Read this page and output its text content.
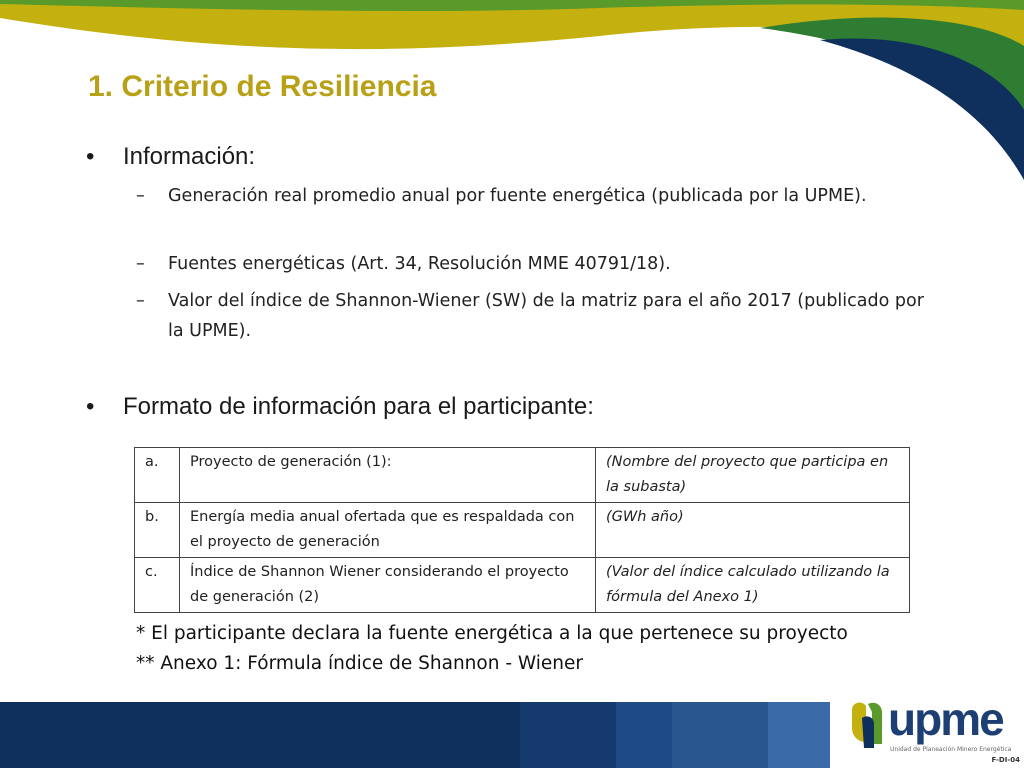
1. Criterio de Resiliencia
• Información:
– Generación real promedio anual por fuente energética (publicada por la UPME).
– Fuentes energéticas (Art. 34, Resolución MME 40791/18).
– Valor del índice de Shannon-Wiener (SW) de la matriz para el año 2017 (publicado por la UPME).
• Formato de información para el participante:
a.	Proyecto de generación (1):	(Nombre del proyecto que participa en la subasta)
b.	Energía media anual ofertada que es respaldada con el proyecto de generación	(GWh año)
c.	Índice de Shannon Wiener considerando el proyecto de generación (2)	(Valor del índice calculado utilizando la fórmula del Anexo 1)
* El participante declara la fuente energética a la que pertenece su proyecto
** Anexo 1: Fórmula índice de Shannon - Wiener
upme
Unidad de Planeación Minero Energética
F-DI-04
